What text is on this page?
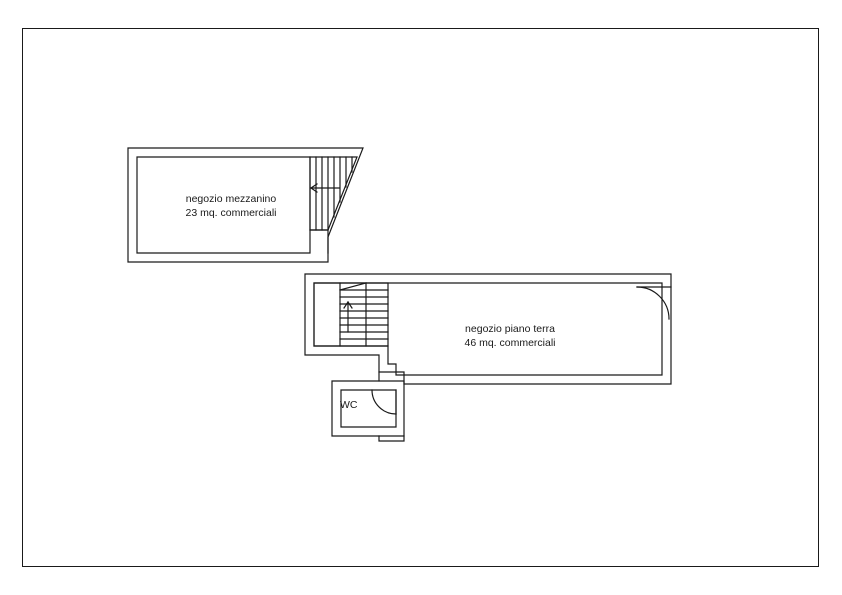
negozio mezzanino
23 mq. commerciali
negozio piano terra
46 mq. commerciali
WC
